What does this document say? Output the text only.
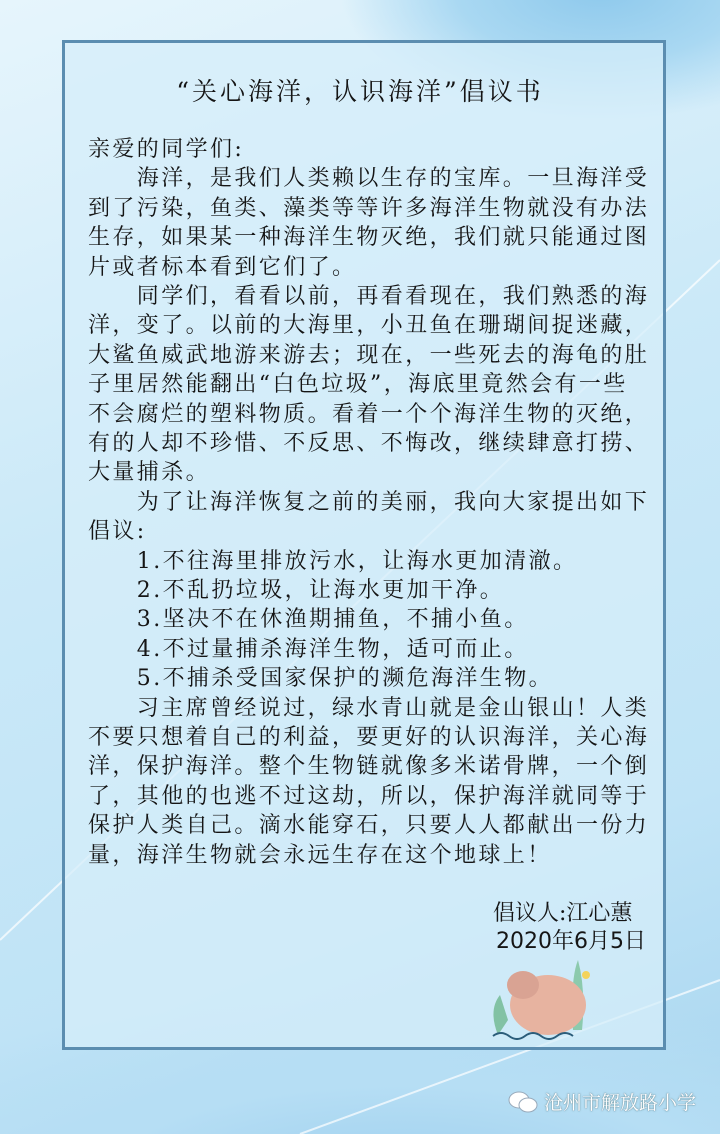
“关心海洋，认识海洋”倡议书
亲爱的同学们:
　　海洋，是我们人类赖以生存的宝库。一旦海洋受
到了污染，鱼类、藻类等等许多海洋生物就没有办法
生存，如果某一种海洋生物灭绝，我们就只能通过图
片或者标本看到它们了。
　　同学们，看看以前，再看看现在，我们熟悉的海
洋，变了。以前的大海里，小丑鱼在珊瑚间捉迷藏，
大鲨鱼威武地游来游去；现在，一些死去的海龟的肚
子里居然能翻出“白色垃圾”，海底里竟然会有一些
不会腐烂的塑料物质。看着一个个海洋生物的灭绝，
有的人却不珍惜、不反思、不悔改，继续肆意打捞、
大量捕杀。
　　为了让海洋恢复之前的美丽，我向大家提出如下
倡议:
　　1.不往海里排放污水，让海水更加清澈。
　　2.不乱扔垃圾，让海水更加干净。
　　3.坚决不在休渔期捕鱼，不捕小鱼。
　　4.不过量捕杀海洋生物，适可而止。
　　5.不捕杀受国家保护的濒危海洋生物。
　　习主席曾经说过，绿水青山就是金山银山！人类
不要只想着自己的利益，要更好的认识海洋，关心海
洋，保护海洋。整个生物链就像多米诺骨牌，一个倒
了，其他的也逃不过这劫，所以，保护海洋就同等于
保护人类自己。滴水能穿石，只要人人都献出一份力
量，海洋生物就会永远生存在这个地球上！
倡议人:江心蕙
2020年6月5日
沧州市解放路小学
